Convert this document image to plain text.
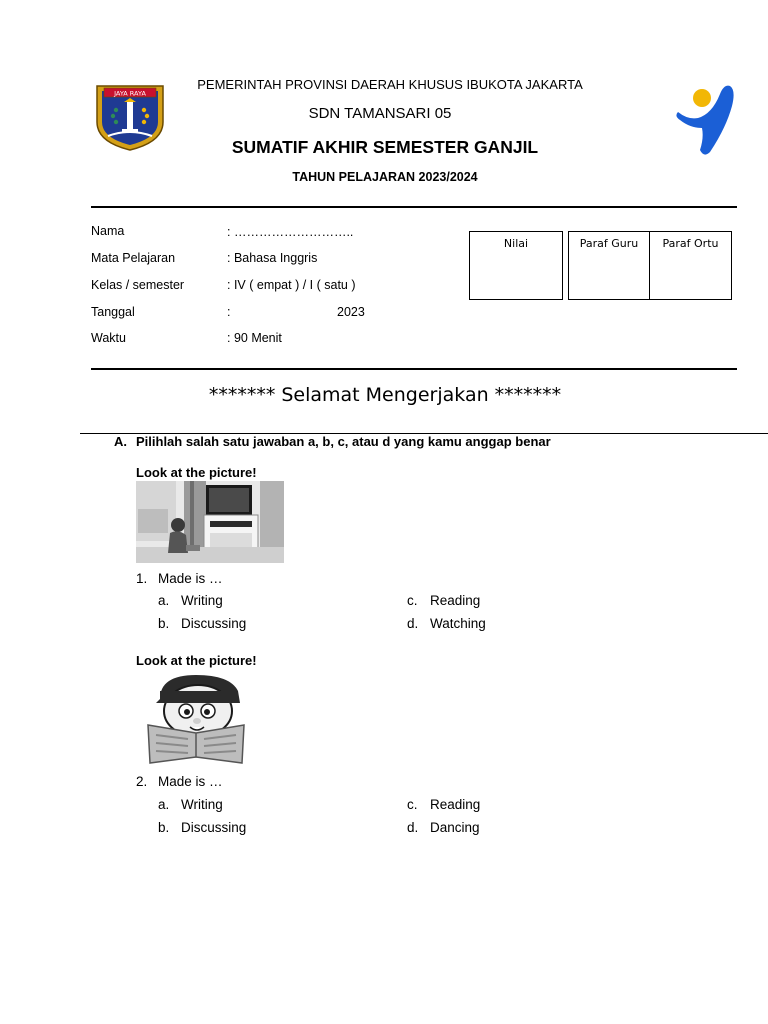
JAYA RAYA
PEMERINTAH PROVINSI DAERAH KHUSUS IBUKOTA JAKARTA
SDN TAMANSARI 05
SUMATIF AKHIR SEMESTER GANJIL
TAHUN PELAJARAN 2023/2024
Nama	: ………………………..
Mata Pelajaran	: Bahasa Inggris
Kelas / semester	: IV ( empat ) / I ( satu )
Tanggal	:	2023
Waktu	: 90 Menit
Nilai	Paraf Guru	Paraf Ortu
******* Selamat Mengerjakan *******
A. Pilihlah salah satu jawaban a, b, c, atau d yang kamu anggap benar
Look at the picture!
1. Made is …
a. Writing
b. Discussing
c. Reading
d. Watching
Look at the picture!
2. Made is …
a. Writing
b. Discussing
c. Reading
d. Dancing
